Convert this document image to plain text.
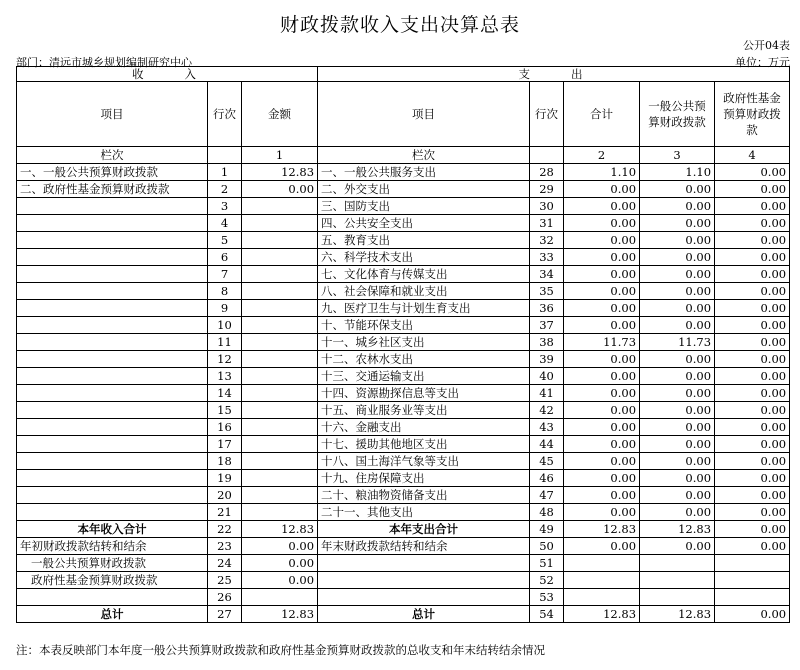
财政拨款收入支出决算总表
公开04表
部门：清远市城乡规划编制研究中心	单位：万元
收　　入			支　　出				
项目	行次	金额	项目	行次	合计	一般公共预算财政拨款	政府性基金预算财政拨款
栏次		1	栏次		2	3	4
一、一般公共预算财政拨款	1	12.83	一、一般公共服务支出	28	1.10	1.10	0.00
二、政府性基金预算财政拨款	2	0.00	二、外交支出	29	0.00	0.00	0.00
	3		三、国防支出	30	0.00	0.00	0.00
	4		四、公共安全支出	31	0.00	0.00	0.00
	5		五、教育支出	32	0.00	0.00	0.00
	6		六、科学技术支出	33	0.00	0.00	0.00
	7		七、文化体育与传媒支出	34	0.00	0.00	0.00
	8		八、社会保障和就业支出	35	0.00	0.00	0.00
	9		九、医疗卫生与计划生育支出	36	0.00	0.00	0.00
	10		十、节能环保支出	37	0.00	0.00	0.00
	11		十一、城乡社区支出	38	11.73	11.73	0.00
	12		十二、农林水支出	39	0.00	0.00	0.00
	13		十三、交通运输支出	40	0.00	0.00	0.00
	14		十四、资源勘探信息等支出	41	0.00	0.00	0.00
	15		十五、商业服务业等支出	42	0.00	0.00	0.00
	16		十六、金融支出	43	0.00	0.00	0.00
	17		十七、援助其他地区支出	44	0.00	0.00	0.00
	18		十八、国土海洋气象等支出	45	0.00	0.00	0.00
	19		十九、住房保障支出	46	0.00	0.00	0.00
	20		二十、粮油物资储备支出	47	0.00	0.00	0.00
	21		二十一、其他支出	48	0.00	0.00	0.00
本年收入合计	22	12.83	本年支出合计	49	12.83	12.83	0.00
年初财政拨款结转和结余	23	0.00	年末财政拨款结转和结余	50	0.00	0.00	0.00
一般公共预算财政拨款	24	0.00		51			
政府性基金预算财政拨款	25	0.00		52			
	26			53			
总计	27	12.83	总计	54	12.83	12.83	0.00
注：本表反映部门本年度一般公共预算财政拨款和政府性基金预算财政拨款的总收支和年末结转结余情况
